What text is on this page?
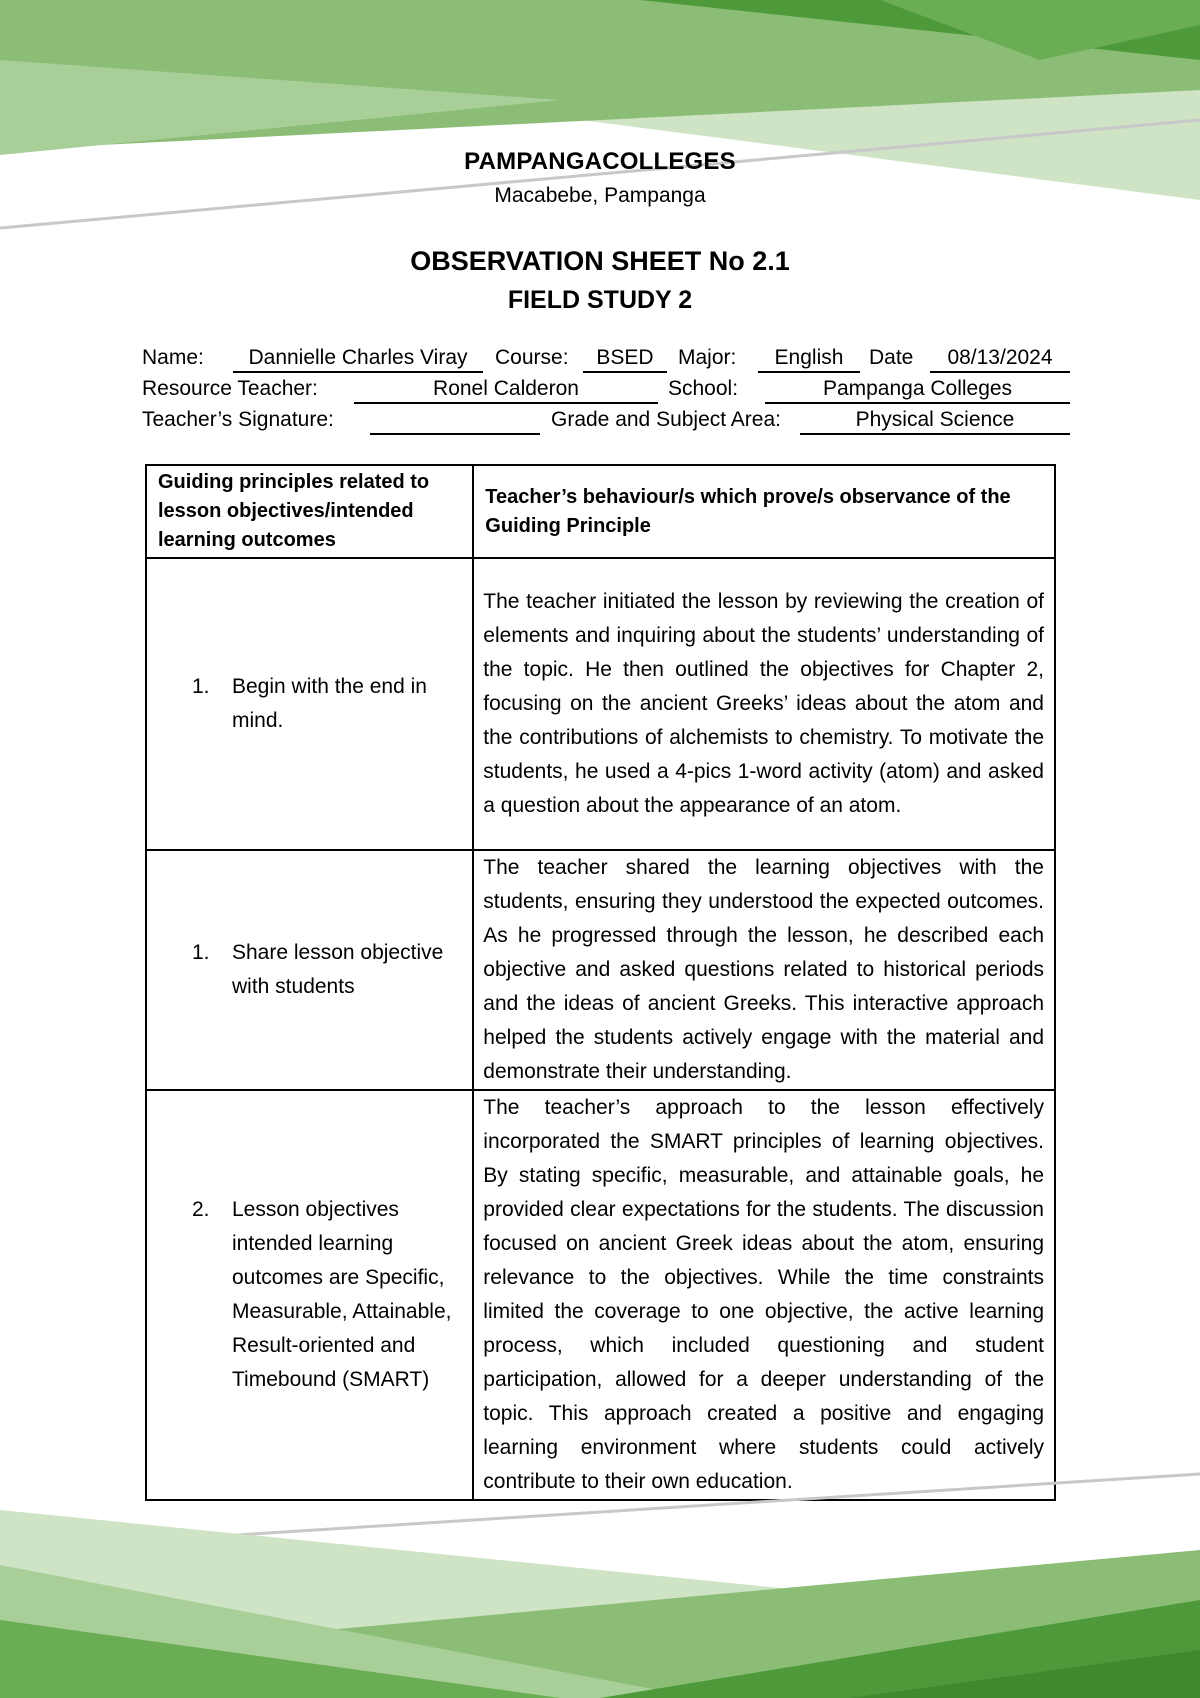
PAMPANGACOLLEGES
Macabebe, Pampanga
OBSERVATION SHEET No 2.1
FIELD STUDY 2
Name:	Dannielle Charles Viray	Course:	BSED	Major:	English	Date	08/13/2024
Resource Teacher:	Ronel Calderon	School:	Pampanga Colleges
Teacher’s Signature:	Grade and Subject Area:	Physical Science
Guiding principles related to lesson objectives/intended learning outcomes	Teacher’s behaviour/s which prove/s observance of the Guiding Principle

1. Begin with the end in mind.	The teacher initiated the lesson by reviewing the creation of elements and inquiring about the students’ understanding of the topic. He then outlined the objectives for Chapter 2, focusing on the ancient Greeks’ ideas about the atom and the contributions of alchemists to chemistry. To motivate the students, he used a 4-pics 1-word activity (atom) and asked a question about the appearance of an atom.

1. Share lesson objective with students	The teacher shared the learning objectives with the students, ensuring they understood the expected outcomes. As he progressed through the lesson, he described each objective and asked questions related to historical periods and the ideas of ancient Greeks. This interactive approach helped the students actively engage with the material and demonstrate their understanding.

2. Lesson objectives intended learning outcomes are Specific, Measurable, Attainable, Result-oriented and Timebound (SMART)	The teacher’s approach to the lesson effectively incorporated the SMART principles of learning objectives. By stating specific, measurable, and attainable goals, he provided clear expectations for the students. The discussion focused on ancient Greek ideas about the atom, ensuring relevance to the objectives. While the time constraints limited the coverage to one objective, the active learning process, which included questioning and student participation, allowed for a deeper understanding of the topic. This approach created a positive and engaging learning environment where students could actively contribute to their own education.
